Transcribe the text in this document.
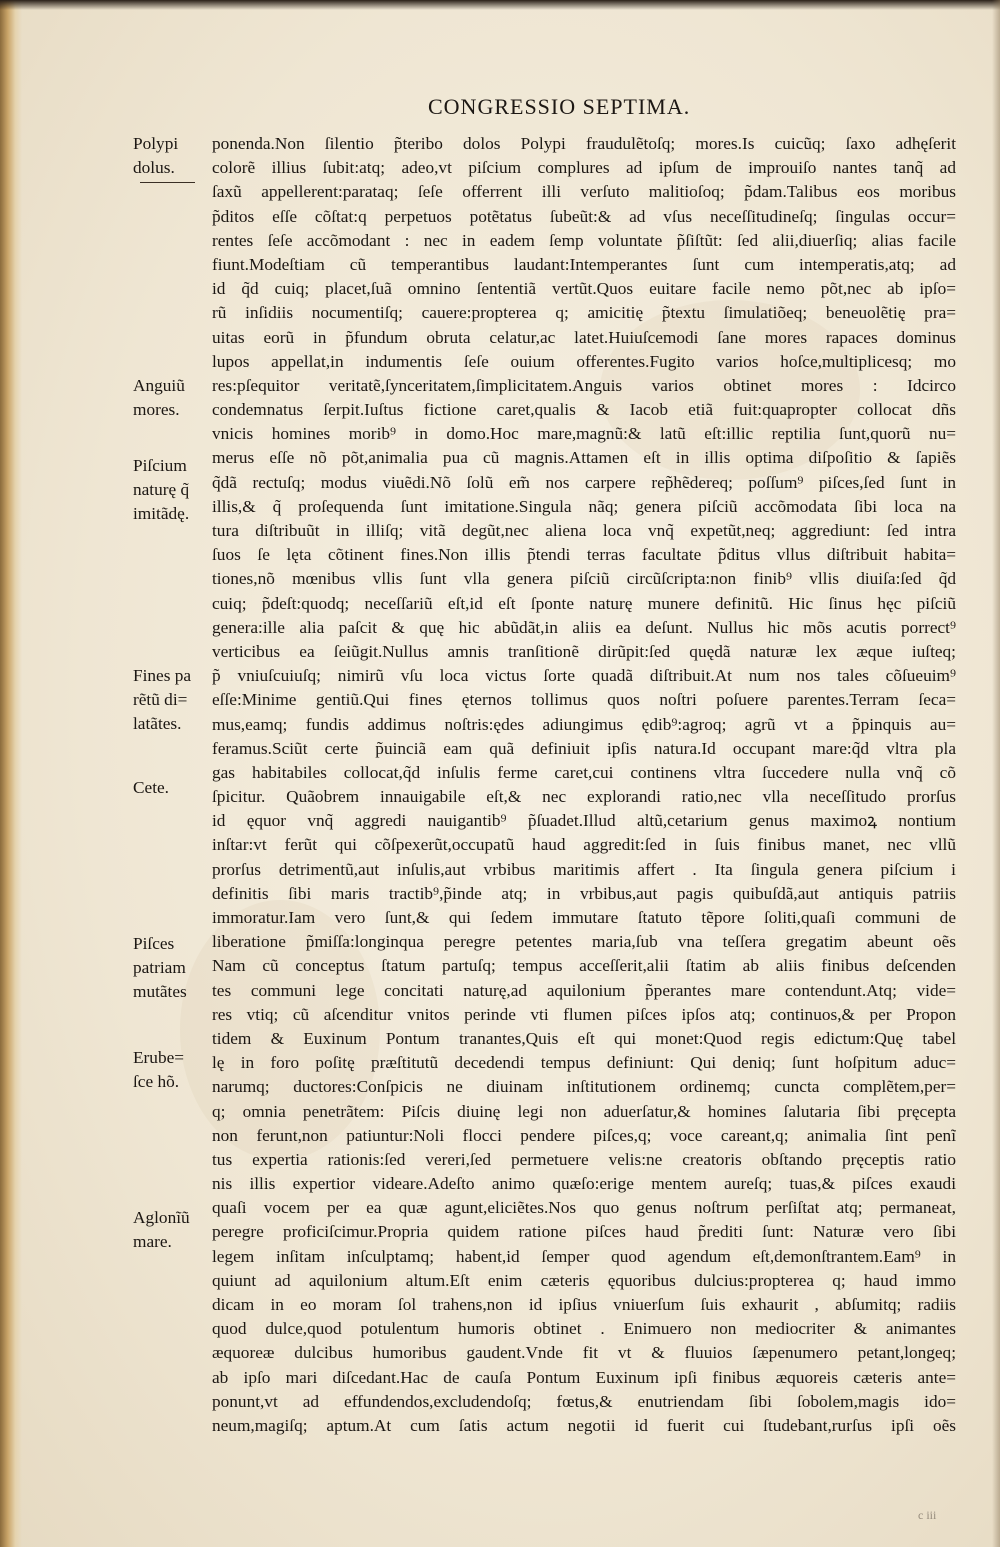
CONGRESSIO SEPTIMA.
Polypi
dolus.
Anguiũ
mores.
Piſcium
naturę q̃
imitãdę.
Fines pa
rẽtũ di=
latãtes.
Cete.
Piſces
patriam
mutãtes
Erube=
ſce hõ.
Aglonĩũ
mare.
ponenda.Non ſilentio p̃teribo dolos Polypi fraudulẽtoſq; mores.Is cuicũq; ſaxo adhęſerit
colorẽ illius ſubit:atq; adeo,vt piſcium complures ad ipſum de improuiſo nantes tanq̃ ad
ſaxũ appellerent:parataq; ſeſe offerrent illi verſuto malitioſoq; p̃dam.Talibus eos moribus
p̃ditos eſſe cõſtat:q perpetuos potẽtatus ſubeũt:& ad vſus neceſſitudineſq; ſingulas occur=
rentes ſeſe accõmodant : nec in eadem ſemp voluntate p̃ſiſtũt: ſed alii,diuerſiq; alias facile
fiunt.Modeſtiam cũ temperantibus laudant:Intemperantes ſunt cum intemperatis,atq; ad
id q̃d cuiq; placet,ſuã omnino ſententiã vertũt.Quos euitare facile nemo põt,nec ab ipſo=
rũ inſidiis nocumentiſq; cauere:propterea q; amicitię p̃textu ſimulatiõeq; beneuolẽtię pra=
uitas eorũ in p̃fundum obruta celatur,ac latet.Huiuſcemodi ſane mores rapaces dominus
lupos appellat,in indumentis ſeſe ouium offerentes.Fugito varios hoſce,multiplicesq; mo
res:pſequitor veritatẽ,ſynceritatem,ſimplicitatem.Anguis varios obtinet mores : Idcirco
condemnatus ſerpit.Iuſtus fictione caret,qualis & Iacob etiã fuit:quapropter collocat dñs
vnicis homines morib⁹ in domo.Hoc mare,magnũ:& latũ eſt:illic reptilia ſunt,quorũ nu=
merus eſſe nõ põt,animalia pua cũ magnis.Attamen eſt in illis optima diſpoſitio & ſapiẽs
q̃dã rectuſq; modus viuẽdi.Nõ ſolũ em̃ nos carpere rep̃hẽdereq; poſſum⁹ piſces,ſed ſunt in
illis,& q̃ proſequenda ſunt imitatione.Singula nãq; genera piſciũ accõmodata ſibi loca na
tura diſtribuũt in illiſq; vitã degũt,nec aliena loca vnq̃ expetũt,neq; aggrediunt: ſed intra
ſuos ſe lęta cõtinent fines.Non illis p̃tendi terras facultate p̃ditus vllus diſtribuit habita=
tiones,nõ mœnibus vllis ſunt vlla genera piſciũ circũſcripta:non finib⁹ vllis diuiſa:ſed q̃d
cuiq; p̃deſt:quodq; neceſſariũ eſt,id eſt ſponte naturę munere definitũ. Hic ſinus hęc piſciũ
genera:ille alia paſcit & quę hic abũdãt,in aliis ea deſunt. Nullus hic mõs acutis porrect⁹
verticibus ea ſeiũgit.Nullus amnis tranſitionẽ dirũpit:ſed quędã naturæ lex æque iuſteq;
p̃ vniuſcuiuſq; nimirũ vſu loca victus ſorte quadã diſtribuit.At num nos tales cõſueuim⁹
eſſe:Minime gentiũ.Qui fines ęternos tollimus quos noſtri poſuere parentes.Terram ſeca=
mus,eamq; fundis addimus noſtris:ędes adiungimus ędib⁹:agroq; agrũ vt a p̃pinquis au=
feramus.Sciũt certe p̃uinciã eam quã definiuit ipſis natura.Id occupant mare:q̃d vltra pla
gas habitabiles collocat,q̃d inſulis ferme caret,cui continens vltra ſuccedere nulla vnq̃ cõ
ſpicitur. Quãobrem innauigabile eſt,& nec explorandi ratio,nec vlla neceſſitudo prorſus
id ęquor vnq̃ aggredi nauigantib⁹ p̃ſuadet.Illud altũ,cetarium genus maximoꝝ nontium
inſtar:vt ferũt qui cõſpexerũt,occupatũ haud aggredit:ſed in ſuis finibus manet, nec vllũ
prorſus detrimentũ,aut inſulis,aut vrbibus maritimis affert . Ita ſingula genera piſcium i
definitis ſibi maris tractib⁹,p̃inde atq; in vrbibus,aut pagis quibuſdã,aut antiquis patriis
immoratur.Iam vero ſunt,& qui ſedem immutare ſtatuto tẽpore ſoliti,quaſi communi de
liberatione p̃miſſa:longinqua peregre petentes maria,ſub vna teſſera gregatim abeunt oẽs
Nam cũ conceptus ſtatum partuſq; tempus acceſſerit,alii ſtatim ab aliis finibus deſcenden
tes communi lege concitati naturę,ad aquilonium p̃perantes mare contendunt.Atq; vide=
res vtiq; cũ aſcenditur vnitos perinde vti flumen piſces ipſos atq; continuos,& per Propon
tidem & Euxinum Pontum tranantes,Quis eſt qui monet:Quod regis edictum:Quę tabel
lę in foro poſitę præſtitutũ decedendi tempus definiunt: Qui deniq; ſunt hoſpitum aduc=
narumq; ductores:Conſpicis ne diuinam inſtitutionem ordinemq; cuncta complẽtem,per=
q; omnia penetrãtem: Piſcis diuinę legi non aduerſatur,& homines ſalutaria ſibi pręcepta
non ferunt,non patiuntur:Noli flocci pendere piſces,q; voce careant,q; animalia ſint penĩ
tus expertia rationis:ſed vereri,ſed permetuere velis:ne creatoris obſtando pręceptis ratio
nis illis expertior videare.Adeſto animo quæſo:erige mentem aureſq; tuas,& piſces exaudi
quaſi vocem per ea quæ agunt,eliciẽtes.Nos quo genus noſtrum perſiſtat atq; permaneat,
peregre proficiſcimur.Propria quidem ratione piſces haud p̃rediti ſunt: Naturæ vero ſibi
legem inſitam inſculptamq; habent,id ſemper quod agendum eſt,demonſtrantem.Eam⁹ in
quiunt ad aquilonium altum.Eſt enim cæteris ęquoribus dulcius:propterea q; haud immo
dicam in eo moram ſol trahens,non id ipſius vniuerſum ſuis exhaurit , abſumitq; radiis
quod dulce,quod potulentum humoris obtinet . Enimuero non mediocriter & animantes
æquoreæ dulcibus humoribus gaudent.Vnde fit vt & fluuios ſæpenumero petant,longeq;
ab ipſo mari diſcedant.Hac de cauſa Pontum Euxinum ipſi finibus æquoreis cæteris ante=
ponunt,vt ad effundendos,excludendoſq; fœtus,& enutriendam ſibi ſobolem,magis ido=
neum,magiſq; aptum.At cum ſatis actum negotii id fuerit cui ſtudebant,rurſus ipſi oẽs
c iii
